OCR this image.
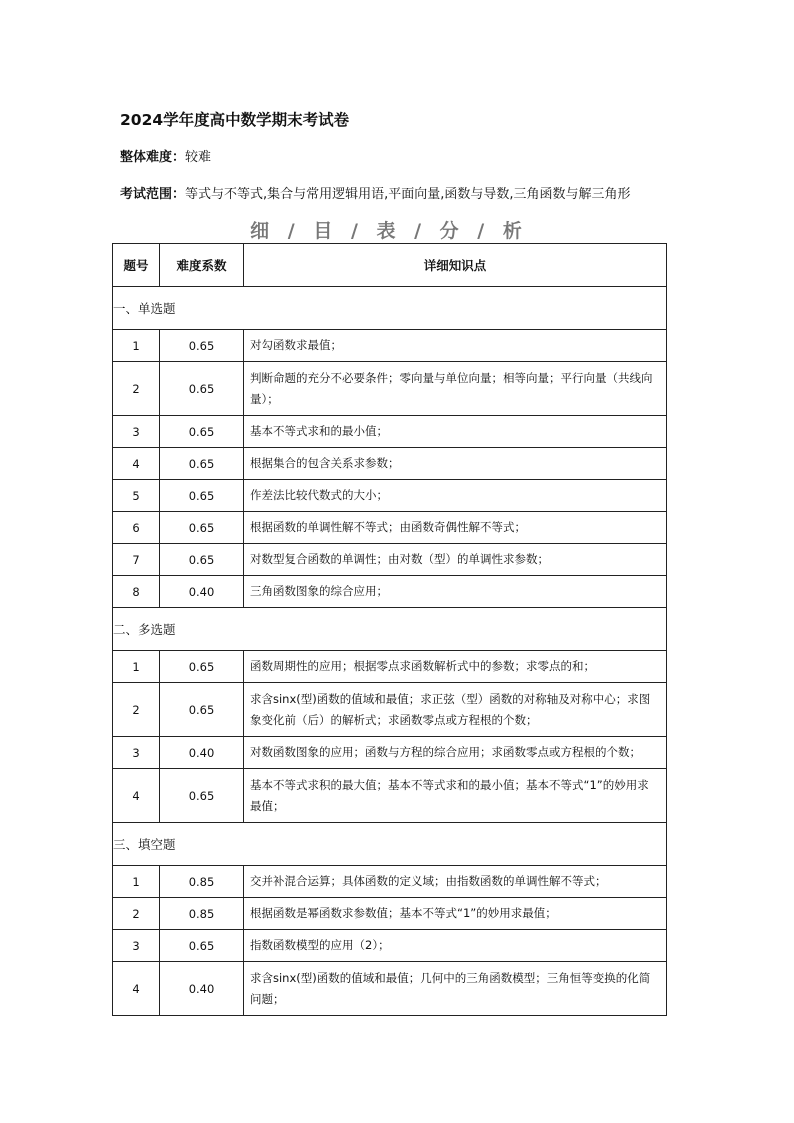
2024学年度高中数学期末考试卷
整体难度：较难
考试范围：等式与不等式,集合与常用逻辑用语,平面向量,函数与导数,三角函数与解三角形
细 / 目 / 表 / 分 / 析
题号	难度系数	详细知识点
一、单选题		
1	0.65	对勾函数求最值；
2	0.65	判断命题的充分不必要条件；零向量与单位向量；相等向量；平行向量（共线向量）；
3	0.65	基本不等式求和的最小值；
4	0.65	根据集合的包含关系求参数；
5	0.65	作差法比较代数式的大小；
6	0.65	根据函数的单调性解不等式；由函数奇偶性解不等式；
7	0.65	对数型复合函数的单调性；由对数（型）的单调性求参数；
8	0.40	三角函数图象的综合应用；
二、多选题		
1	0.65	函数周期性的应用；根据零点求函数解析式中的参数；求零点的和；
2	0.65	求含sinx(型)函数的值域和最值；求正弦（型）函数的对称轴及对称中心；求图象变化前（后）的解析式；求函数零点或方程根的个数；
3	0.40	对数函数图象的应用；函数与方程的综合应用；求函数零点或方程根的个数；
4	0.65	基本不等式求积的最大值；基本不等式求和的最小值；基本不等式“1”的妙用求最值；
三、填空题		
1	0.85	交并补混合运算；具体函数的定义域；由指数函数的单调性解不等式；
2	0.85	根据函数是幂函数求参数值；基本不等式“1”的妙用求最值；
3	0.65	指数函数模型的应用（2）；
4	0.40	求含sinx(型)函数的值域和最值；几何中的三角函数模型；三角恒等变换的化简问题；
